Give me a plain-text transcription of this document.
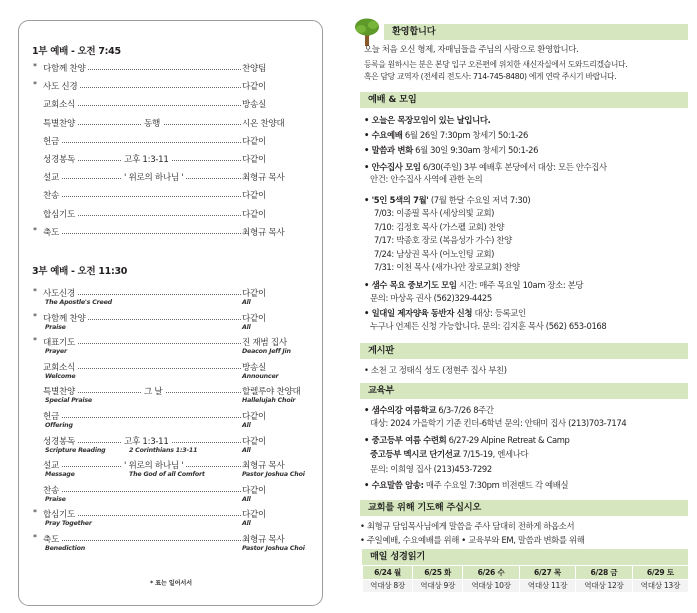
1부 예배 - 오전 7:45
* 다함께 찬양	찬양팀
* 사도 신경	다같이
교회소식	방송실
특별찬양	동행	시온 찬양대
헌금	다같이
성경봉독	고후 1:3-11	다같이
설교	' 위로의 하나님 '	최형규 목사
찬송	다같이
합심기도	다같이
* 축도	최형규 목사
3부 예배 - 오전 11:30
* 사도신경	다같이
The Apostle's Creed	All
* 다함께 찬양	다같이
Praise	All
* 대표기도	진 재범 집사
Prayer	Deacon Jeff Jin
교회소식	방송실
Welcome	Announcer
특별찬양	그 날	할렐루야 찬양대
Special Praise	Hallelujah Choir
헌금	다같이
Offering	All
성경봉독	고후 1:3-11	다같이
Scripture Reading	2 Corinthians 1:3-11	All
설교	' 위로의 하나님 '	최형규 목사
Message	The God of all Comfort	Pastor Joshua Choi
찬송	다같이
Praise	All
* 합심기도	다같이
Pray Together	All
* 축도	최형규 목사
Benediction	Pastor Joshua Choi
* 표는 일어서서
환영합니다
오늘 처음 오신 형제, 자매님들을 주님의 사랑으로 환영합니다.
등록을 원하시는 분은 본당 입구 오른편에 위치한 새신자실에서 도와드리겠습니다.
혹은 담당 교역자 (전세리 전도사: 714-745-8480) 에게 연락 주시기 바랍니다.
예배 & 모임
• 오늘은 목장모임이 있는 날입니다.
• 수요예배 6월 26일 7:30pm 창세기 50:1-26
• 말씀과 변화 6월 30일 9:30am 창세기 50:1-26
• 안수집사 모임 6/30(주일) 3부 예배후 본당에서 대상: 모든 안수집사
안건: 안수집사 사역에 관한 논의
• '5인 5색의 7월' (7월 한달 수요일 저녁 7:30)
7/03: 이종필 목사 (세상의빛 교회)
7/10: 김정호 목사 (가스펠 교회) 찬양
7/17: 박종호 장로 (복음성가 가수) 찬양
7/24: 남상권 목사 (어노인팅 교회)
7/31: 이천 목사 (새가나안 장로교회) 찬양
• 샘수 목요 중보기도 모임 시간: 매주 목요일 10am 장소: 본당
문의: 마상옥 권사 (562)329-4425
• 일대일 제자양육 동반자 신청 대상: 등록교인
누구나 언제든 신청 가능합니다. 문의: 김지훈 목사 (562) 653-0168
게시판
• 소천 고 정태식 성도 (정현주 집사 부친)
교육부
• 샘수의강 여름학교 6/3-7/26 8주간
대상: 2024 가을학기 기준 킨더-6학년 문의: 안태미 집사 (213)703-7174
• 중고등부 여름 수련회 6/27-29 Alpine Retreat & Camp
중고등부 멕시코 단기선교 7/15-19, 엔세나다
문의: 이희영 집사 (213)453-7292
• 수요말씀 암송: 매주 수요일 7:30pm 비전랜드 각 예배실
교회를 위해 기도해 주십시오
• 최형규 담임목사님에게 말씀을 주사 담대히 전하게 하옵소서
• 주일예배, 수요예배를 위해 • 교육부와 EM, 말씀과 변화를 위해
매일 성경읽기
6/24 월	6/25 화	6/26 수	6/27 목	6/28 금	6/29 토
역대상 8장	역대상 9장	역대상 10장	역대상 11장	역대상 12장	역대상 13장
